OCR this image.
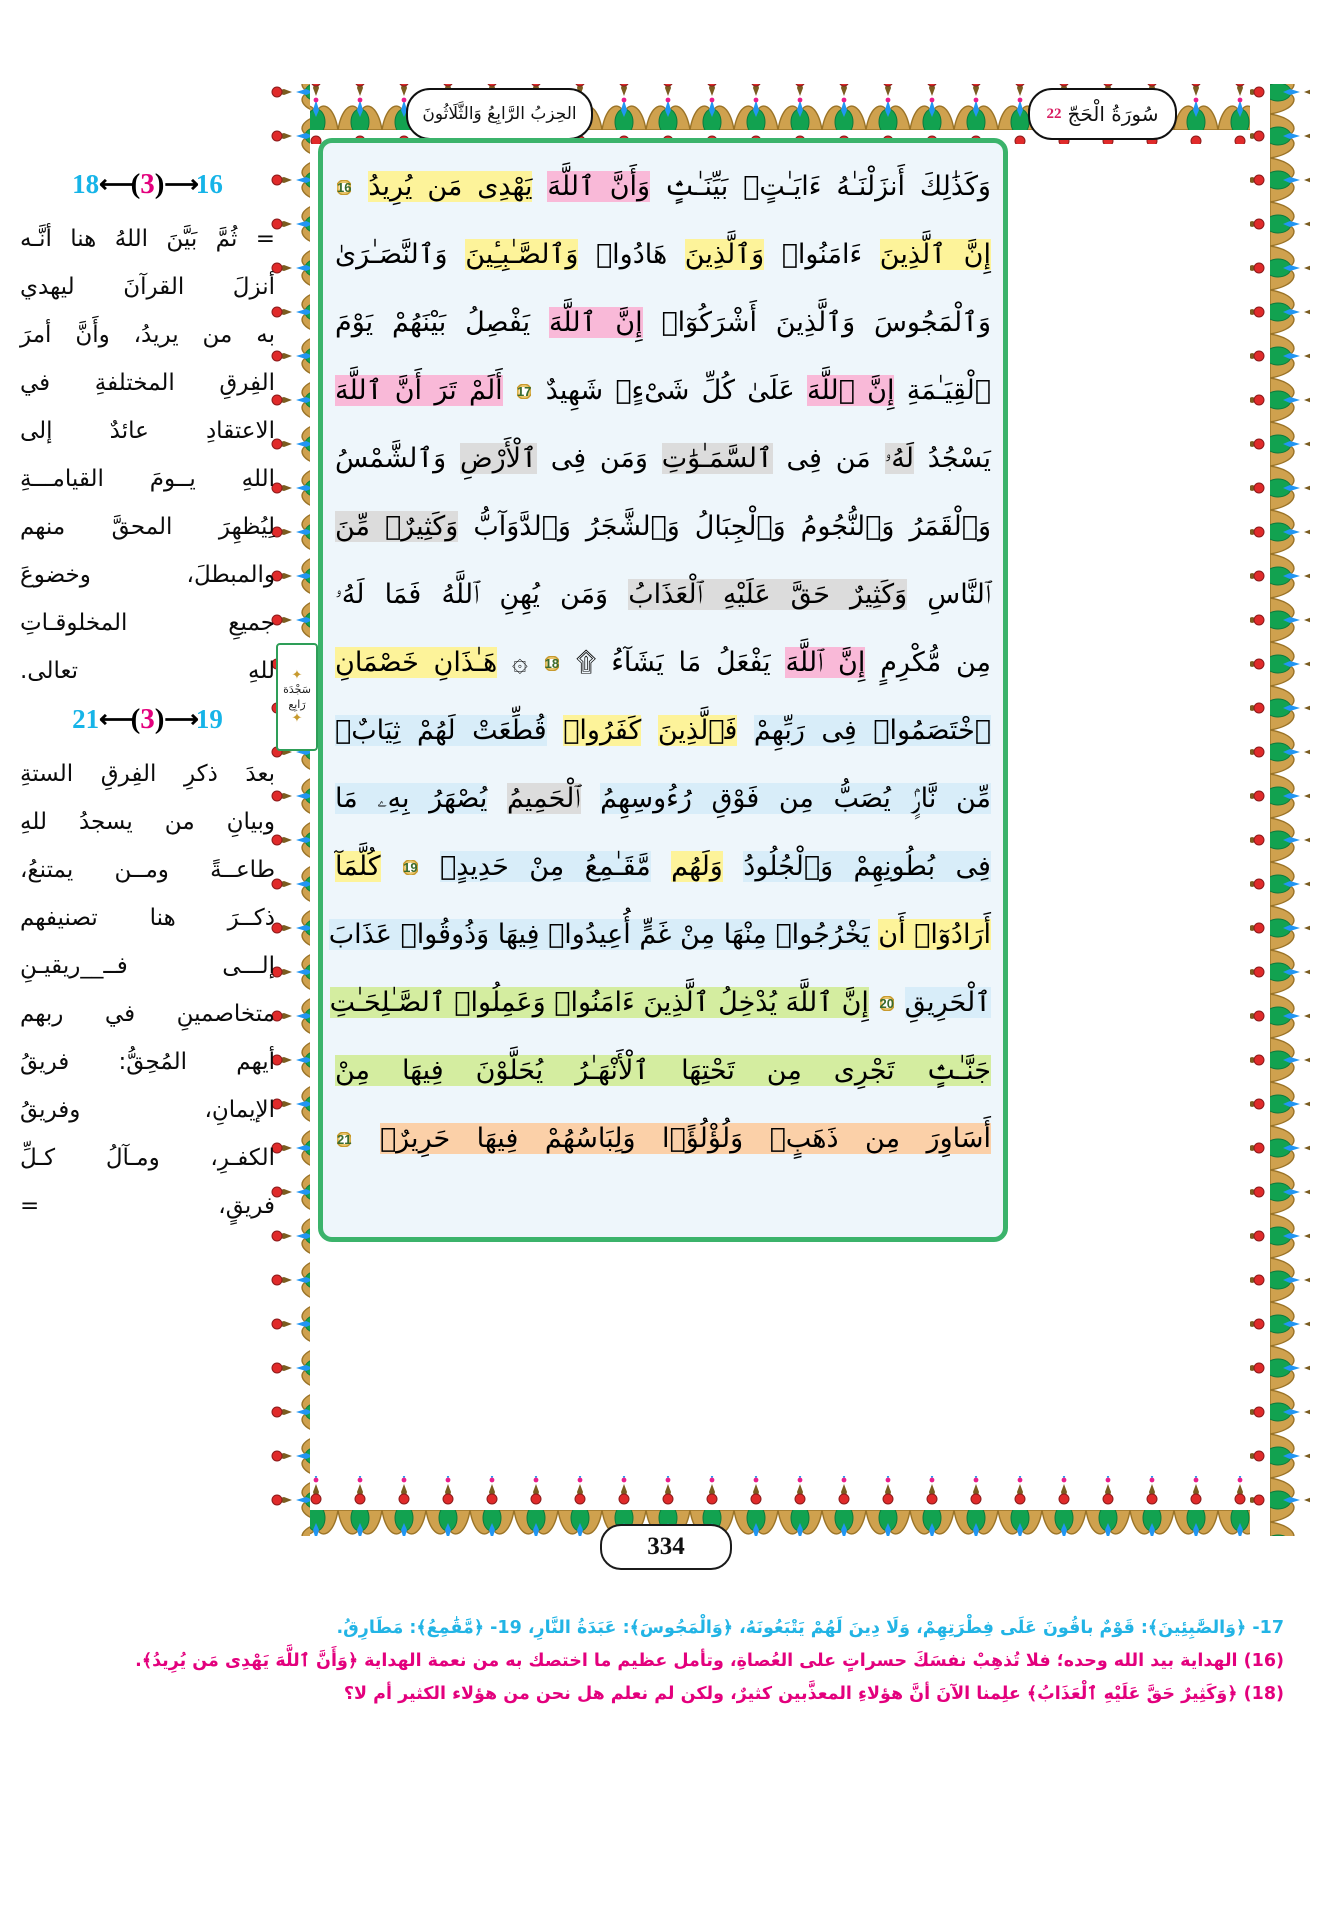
سُورَةُ الْحَجّ
22
الحِزبُ الرَّابِعُ وَالثَّلَاثُونَ
وَكَذَٰلِكَ أَنزَلْنَـٰهُ ءَايَـٰتٍۭ بَيِّنَـٰتٍۢ وَأَنَّ ٱللَّهَ يَهْدِى مَن يُرِيدُ 16
إِنَّ ٱلَّذِينَ ءَامَنُوا۟ وَٱلَّذِينَ هَادُوا۟ وَٱلصَّـٰبِـِٔينَ وَٱلنَّصَـٰرَىٰ
وَٱلْمَجُوسَ وَٱلَّذِينَ أَشْرَكُوٓا۟ إِنَّ ٱللَّهَ يَفْصِلُ بَيْنَهُمْ يَوْمَ
ٱلْقِيَـٰمَةِ إِنَّ ٱللَّهَ عَلَىٰ كُلِّ شَىْءٍۢ شَهِيدٌ 17 أَلَمْ تَرَ أَنَّ ٱللَّهَ
يَسْجُدُ لَهُۥ مَن فِى ٱلسَّمَـٰوَٰتِ وَمَن فِى ٱلْأَرْضِ وَٱلشَّمْسُ
وَٱلْقَمَرُ وَٱلنُّجُومُ وَٱلْجِبَالُ وَٱلشَّجَرُ وَٱلدَّوَآبُّ وَكَثِيرٌۭ مِّنَ
ٱلنَّاسِ وَكَثِيرٌ حَقَّ عَلَيْهِ ٱلْعَذَابُ وَمَن يُهِنِ ٱللَّهُ فَمَا لَهُۥ
مِن مُّكْرِمٍ إِنَّ ٱللَّهَ يَفْعَلُ مَا يَشَآءُ ۩ 18 ۞ هَـٰذَانِ خَصْمَانِ
ٱخْتَصَمُوا۟ فِى رَبِّهِمْ فَٱلَّذِينَ كَفَرُوا۟ قُطِّعَتْ لَهُمْ ثِيَابٌۭ
مِّن نَّارٍۢ يُصَبُّ مِن فَوْقِ رُءُوسِهِمُ ٱلْحَمِيمُ يُصْهَرُ بِهِۦ مَا
فِى بُطُونِهِمْ وَٱلْجُلُودُ وَلَهُم مَّقَـٰمِعُ مِنْ حَدِيدٍۢ 19 كُلَّمَآ
أَرَادُوٓا۟ أَن يَخْرُجُوا۟ مِنْهَا مِنْ غَمٍّ أُعِيدُوا۟ فِيهَا وَذُوقُوا۟ عَذَابَ
ٱلْحَرِيقِ 20 إِنَّ ٱللَّهَ يُدْخِلُ ٱلَّذِينَ ءَامَنُوا۟ وَعَمِلُوا۟ ٱلصَّـٰلِحَـٰتِ
جَنَّـٰتٍۢ تَجْرِى مِن تَحْتِهَا ٱلْأَنْهَـٰرُ يُحَلَّوْنَ فِيهَا مِنْ
أَسَاوِرَ مِن ذَهَبٍۢ وَلُؤْلُؤًۭا وَلِبَاسُهُمْ فِيهَا حَرِيرٌۭ 21
✦
سَجْدَة
رَابِع
✦
18 ⟵ ( 3 ) ⟶ 16
= ثُمَّ بَيَّنَ اللهُ هنا أنَّـه
أنزلَ القرآنَ ليهدي
به من يريدُ، وأَنَّ أمرَ
الفِرقِ المختلفةِ في
الاعتقادِ عائدٌ إلى
اللهِ يــومَ القيامـــةِ
لِيُظهِرَ المحقَّ منهم
والمبطلَ، وخضوعَ
جميعِ المخلوقـاتِ
للهِ تعالى.
21 ⟵ ( 3 ) ⟶ 19
بعدَ ذكرِ الفِرقِ الستةِ
وبيانِ من يسجدُ للهِ
طاعــةً ومــن يمتنعُ،
ذكــرَ هنا تصنيفهم
إلـــى فــ__ريقيـنِ
متخاصمينِ في ربهم
أيهم المُحِقُّ: فريقُ
الإيمانِ، وفريقُ
الكفـرِ، ومـآلُ كـلِّ
فريقٍ، =
334
17- ﴿وَالصَّٰبِئِينَ﴾: قَوْمٌ باقُونَ عَلَى فِطْرَتِهِمْ، وَلَا دِينَ لَهُمْ يَتْبَعُونَهُ، ﴿وَالْمَجُوسَ﴾: عَبَدَةُ النَّارِ، 19- ﴿مَّقَٰمِعُ﴾: مَطَارِقُ.
(16) الهداية بيد الله وحده؛ فلا تُذهِبْ نفسَكَ حسراتٍ على العُصاةِ، وتأمل عظيم ما اختصك به من نعمة الهداية ﴿وَأَنَّ ٱللَّهَ يَهْدِى مَن يُرِيدُ﴾.
(18) ﴿وَكَثِيرٌ حَقَّ عَلَيْهِ ٱلْعَذَابُ﴾ علِمنا الآنَ أنَّ هؤلاءِ المعذَّبين كثيرٌ، ولكن لم نعلم هل نحن من هؤلاء الكثير أم لا؟
